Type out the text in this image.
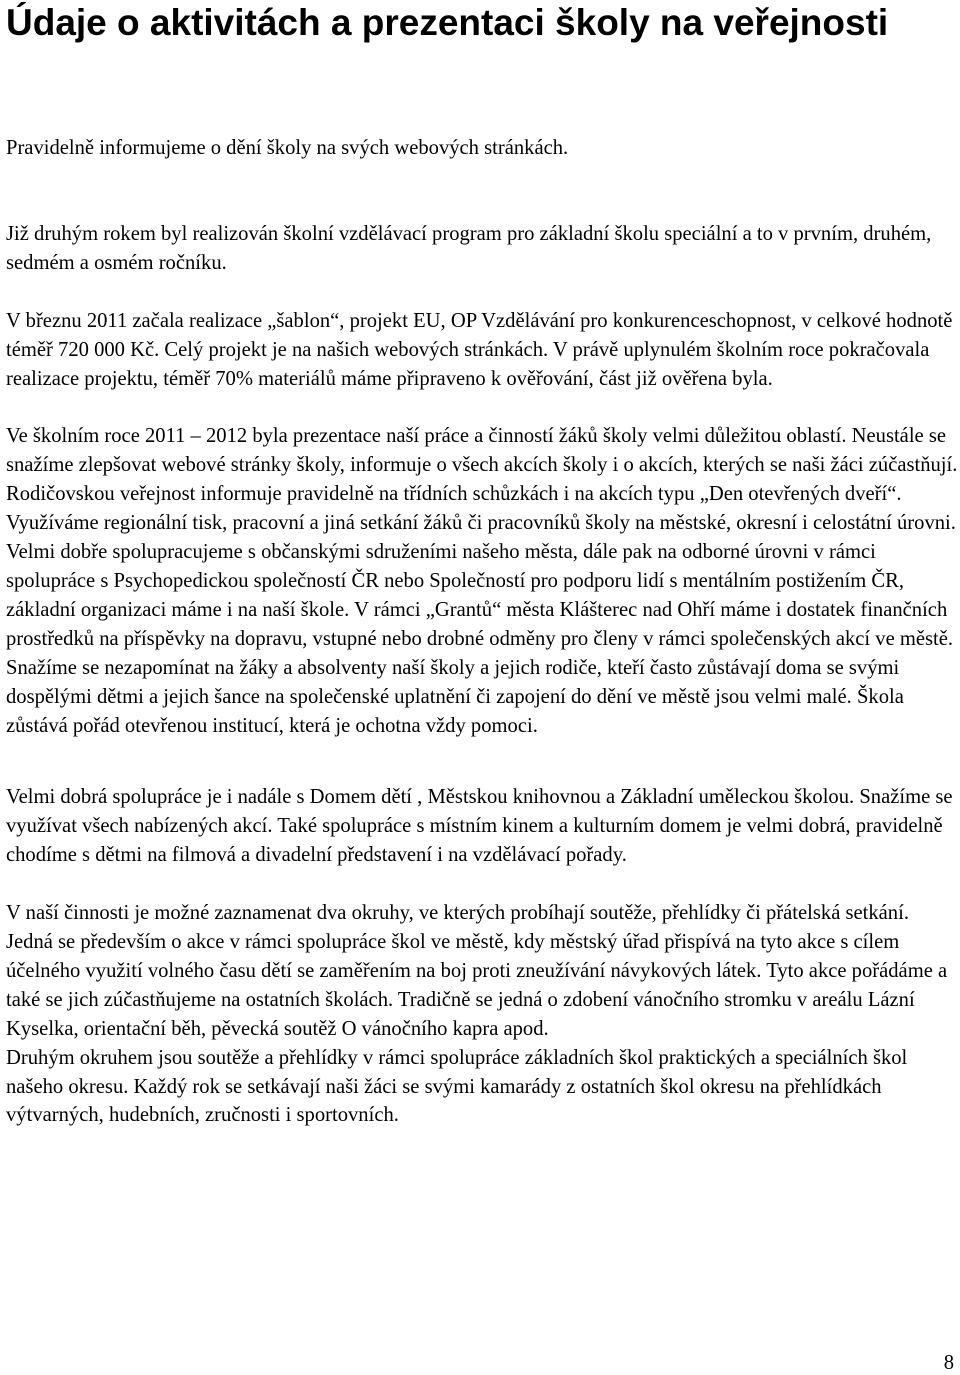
Údaje o aktivitách a prezentaci školy na veřejnosti

Pravidelně informujeme o dění školy na svých webových stránkách.

Již druhým rokem byl realizován školní vzdělávací program pro základní školu speciální a to v prvním, druhém, sedmém a osmém ročníku.

V březnu 2011 začala realizace „šablon“, projekt EU, OP Vzdělávání pro konkurenceschopnost, v celkové hodnotě téměř 720 000 Kč. Celý projekt je na našich webových stránkách. V právě uplynulém školním roce pokračovala realizace projektu, téměř 70% materiálů máme připraveno k ověřování, část již ověřena byla.

Ve školním roce 2011 – 2012 byla prezentace naší práce a činností žáků školy velmi důležitou oblastí. Neustále se snažíme zlepšovat webové stránky školy, informuje o všech akcích školy i o akcích, kterých se naši žáci zúčastňují. Rodičovskou veřejnost informuje pravidelně na třídních schůzkách i na akcích typu „Den otevřených dveří“.

Využíváme regionální tisk, pracovní a jiná setkání žáků či pracovníků školy na městské, okresní i celostátní úrovni. Velmi dobře spolupracujeme s občanskými sdruženími našeho města, dále pak na odborné úrovni v rámci spolupráce s Psychopedickou společností ČR nebo Společností pro podporu lidí s mentálním postižením ČR, základní organizaci máme i na naší škole. V rámci „Grantů“ města Klášterec nad Ohří máme i dostatek finančních prostředků na příspěvky na dopravu, vstupné nebo drobné odměny pro členy v rámci společenských akcí ve městě. Snažíme se nezapomínat na žáky a absolventy naší školy a jejich rodiče, kteří často zůstávají doma se svými dospělými dětmi a jejich šance na společenské uplatnění či zapojení do dění ve městě jsou velmi malé. Škola zůstává pořád otevřenou institucí, která je ochotna vždy pomoci.

Velmi dobrá spolupráce je i nadále s Domem dětí , Městskou knihovnou a Základní uměleckou školou. Snažíme se využívat všech nabízených akcí. Také spolupráce s místním kinem a kulturním domem je velmi dobrá, pravidelně chodíme s dětmi na filmová a divadelní představení i na vzdělávací pořady.

V naší činnosti je možné zaznamenat dva okruhy, ve kterých probíhají soutěže, přehlídky či přátelská setkání. Jedná se především o akce v rámci spolupráce škol ve městě, kdy městský úřad přispívá na tyto akce s cílem účelného využití volného času dětí se zaměřením na boj proti zneužívání návykových látek. Tyto akce pořádáme a také se jich zúčastňujeme na ostatních školách. Tradičně se jedná o zdobení vánočního stromku v areálu Lázní Kyselka, orientační běh, pěvecká soutěž O vánočního kapra apod.

Druhým okruhem jsou soutěže a přehlídky v rámci spolupráce základních škol praktických a speciálních škol našeho okresu. Každý rok se setkávají naši žáci se svými kamarády z ostatních škol okresu na přehlídkách výtvarných, hudebních, zručnosti i sportovních.

8
